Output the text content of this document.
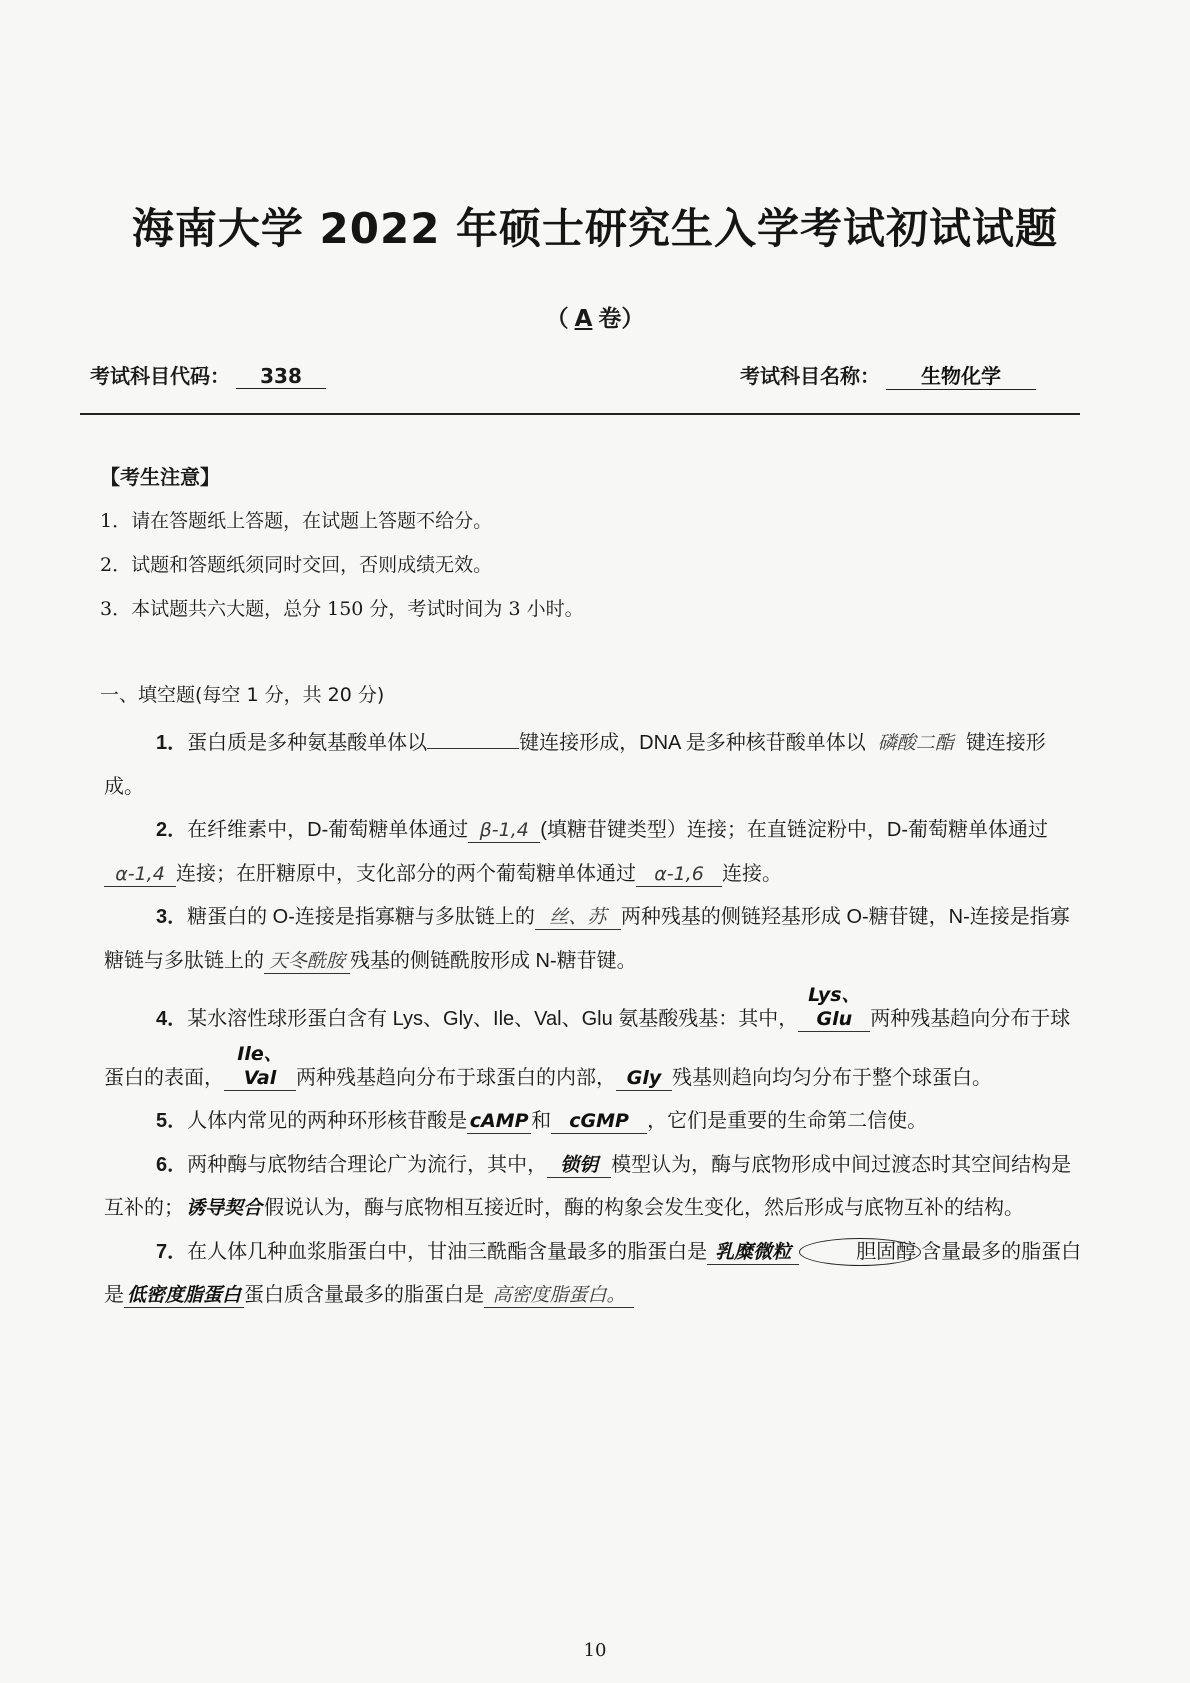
海南大学 2022 年硕士研究生入学考试初试试题
（ A 卷）
考试科目代码： 338	考试科目名称： 生物化学
【考生注意】
1．请在答题纸上答题，在试题上答题不给分。
2．试题和答题纸须同时交回，否则成绩无效。
3．本试题共六大题，总分 150 分，考试时间为 3 小时。
一、填空题(每空 1 分，共 20 分)

1．蛋白质是多种氨基酸单体以	键连接形成，DNA 是多种核苷酸单体以 磷酸二酯 键连接形成。

2．在纤维素中，D-葡萄糖单体通过 β-1,4 (填糖苷键类型）连接；在直链淀粉中，D-葡萄糖单体通过α-1,4 连接；在肝糖原中，支化部分的两个葡萄糖单体通过 α-1,6 连接。

3．糖蛋白的 O-连接是指寡糖与多肽链上的 丝、苏 两种残基的侧链羟基形成 O-糖苷键，N-连接是指寡糖链与多肽链上的 天冬酰胺 残基的侧链酰胺形成 N-糖苷键。

4．某水溶性球形蛋白含有 Lys、Gly、Ile、Val、Glu 氨基酸残基：其中，Lys、Glu 两种残基趋向分布于球蛋白的表面，Ile、Val 两种残基趋向分布于球蛋白的内部， Gly 残基则趋向均匀分布于整个球蛋白。

5．人体内常见的两种环形核苷酸是 cAMP 和 cGMP ，它们是重要的生命第二信使。

6．两种酶与底物结合理论广为流行，其中， 锁钥 模型认为，酶与底物形成中间过渡态时其空间结构是互补的； 诱导契合 假说认为，酶与底物相互接近时，酶的构象会发生变化，然后形成与底物互补的结构。

7．在人体几种血浆脂蛋白中，甘油三酰酯含量最多的脂蛋白是 乳糜微粒	胆固醇 含量最多的脂蛋白是 低密度脂蛋白 蛋白质含量最多的脂蛋白是 高密度脂蛋白。

10
